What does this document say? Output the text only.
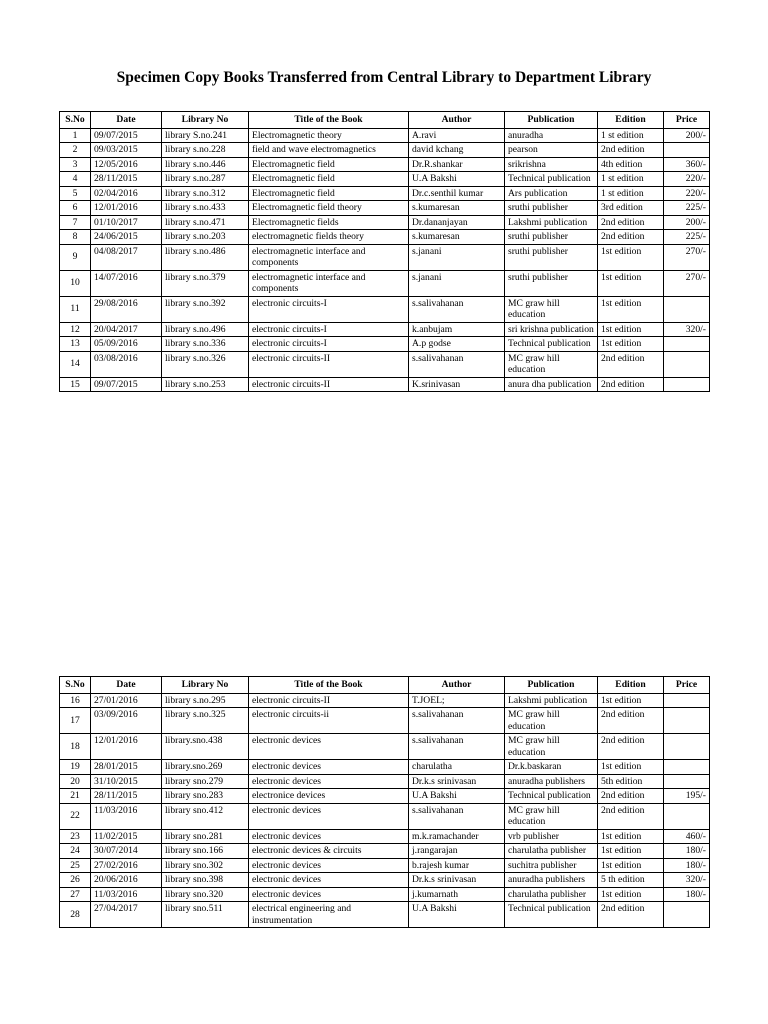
Specimen Copy Books Transferred from Central Library to Department Library
S.No	Date	Library No	Title of the Book	Author	Publication	Edition	Price
1	09/07/2015	library S.no.241	Electromagnetic theory	A.ravi	anuradha	1 st edition	200/-
2	09/03/2015	library s.no.228	field and wave electromagnetics	david kchang	pearson	2nd edition	
3	12/05/2016	library s.no.446	Electromagnetic field	Dr.R.shankar	srikrishna	4th edition	360/-
4	28/11/2015	library s.no.287	Electromagnetic field	U.A Bakshi	Technical publication	1 st edition	220/-
5	02/04/2016	library s.no.312	Electromagnetic field	Dr.c.senthil kumar	Ars publication	1 st edition	220/-
6	12/01/2016	library s.no.433	Electromagnetic field theory	s.kumaresan	sruthi publisher	3rd edition	225/-
7	01/10/2017	library s.no.471	Electromagnetic fields	Dr.dananjayan	Lakshmi publication	2nd edition	200/-
8	24/06/2015	library s.no.203	electromagnetic fields theory	s.kumaresan	sruthi publisher	2nd edition	225/-
9	04/08/2017	library s.no.486	electromagnetic interface and components	s.janani	sruthi publisher	1st edition	270/-
10	14/07/2016	library s.no.379	electromagnetic interface and components	s.janani	sruthi publisher	1st edition	270/-
11	29/08/2016	library s.no.392	electronic circuits-I	s.salivahanan	MC graw hill education	1st edition	
12	20/04/2017	library s.no.496	electronic circuits-I	k.anbujam	sri krishna publication	1st edition	320/-
13	05/09/2016	library s.no.336	electronic circuits-I	A.p godse	Technical publication	1st edition	
14	03/08/2016	library s.no.326	electronic circuits-II	s.salivahanan	MC graw hill education	2nd edition	
15	09/07/2015	library s.no.253	electronic circuits-II	K.srinivasan	anura dha publication	2nd edition	
S.No	Date	Library No	Title of the Book	Author	Publication	Edition	Price
16	27/01/2016	library s.no.295	electronic circuits-II	T.JOEL;	Lakshmi publication	1st edition	
17	03/09/2016	library s.no.325	electronic circuits-ii	s.salivahanan	MC graw hill education	2nd edition	
18	12/01/2016	library.sno.438	electronic devices	s.salivahanan	MC graw hill education	2nd edition	
19	28/01/2015	library.sno.269	electronic devices	charulatha	Dr.k.baskaran	1st edition	
20	31/10/2015	library sno.279	electronic devices	Dr.k.s srinivasan	anuradha publishers	5th edition	
21	28/11/2015	library sno.283	electronice devices	U.A Bakshi	Technical publication	2nd edition	195/-
22	11/03/2016	library sno.412	electronic devices	s.salivahanan	MC graw hill education	2nd edition	
23	11/02/2015	library sno.281	electronic devices	m.k.ramachander	vrb publisher	1st edition	460/-
24	30/07/2014	library sno.166	electronic devices & circuits	j.rangarajan	charulatha publisher	1st edition	180/-
25	27/02/2016	library sno.302	electronic devices	b.rajesh kumar	suchitra publisher	1st edition	180/-
26	20/06/2016	library sno.398	electronic devices	Dr.k.s srinivasan	anuradha publishers	5 th edition	320/-
27	11/03/2016	library sno.320	electronic devices	j.kumarnath	charulatha publisher	1st edition	180/-
28	27/04/2017	library sno.511	electrical engineering and instrumentation	U.A Bakshi	Technical publication	2nd edition	
